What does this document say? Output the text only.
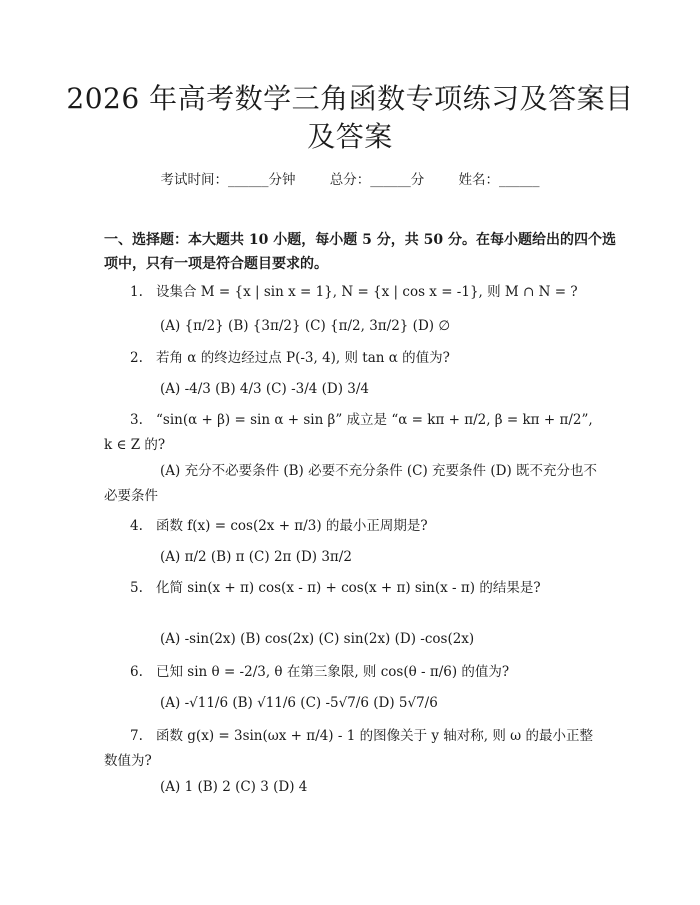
2026 年高考数学三角函数专项练习及答案目及答案
考试时间：______分钟	总分：______分	姓名：______
一、选择题：本大题共 10 小题，每小题 5 分，共 50 分。在每小题给出的四个选项中，只有一项是符合题目要求的。
1. 设集合 M = {x | sin x = 1}, N = {x | cos x = -1}, 则 M ∩ N = ?
(A) {π/2} (B) {3π/2} (C) {π/2, 3π/2} (D) ∅
2. 若角 α 的终边经过点 P(-3, 4), 则 tan α 的值为?
(A) -4/3 (B) 4/3 (C) -3/4 (D) 3/4
3. “sin(α + β) = sin α + sin β” 成立是 “α = kπ + π/2, β = kπ + π/2”, k ∈ Z 的?
(A) 充分不必要条件 (B) 必要不充分条件 (C) 充要条件 (D) 既不充分也不必要条件
4. 函数 f(x) = cos(2x + π/3) 的最小正周期是?
(A) π/2 (B) π (C) 2π (D) 3π/2
5. 化简 sin(x + π) cos(x - π) + cos(x + π) sin(x - π) 的结果是?
(A) -sin(2x) (B) cos(2x) (C) sin(2x) (D) -cos(2x)
6. 已知 sin θ = -2/3, θ 在第三象限, 则 cos(θ - π/6) 的值为?
(A) -√11/6 (B) √11/6 (C) -5√7/6 (D) 5√7/6
7. 函数 g(x) = 3sin(ωx + π/4) - 1 的图像关于 y 轴对称, 则 ω 的最小正整数值为?
(A) 1 (B) 2 (C) 3 (D) 4
